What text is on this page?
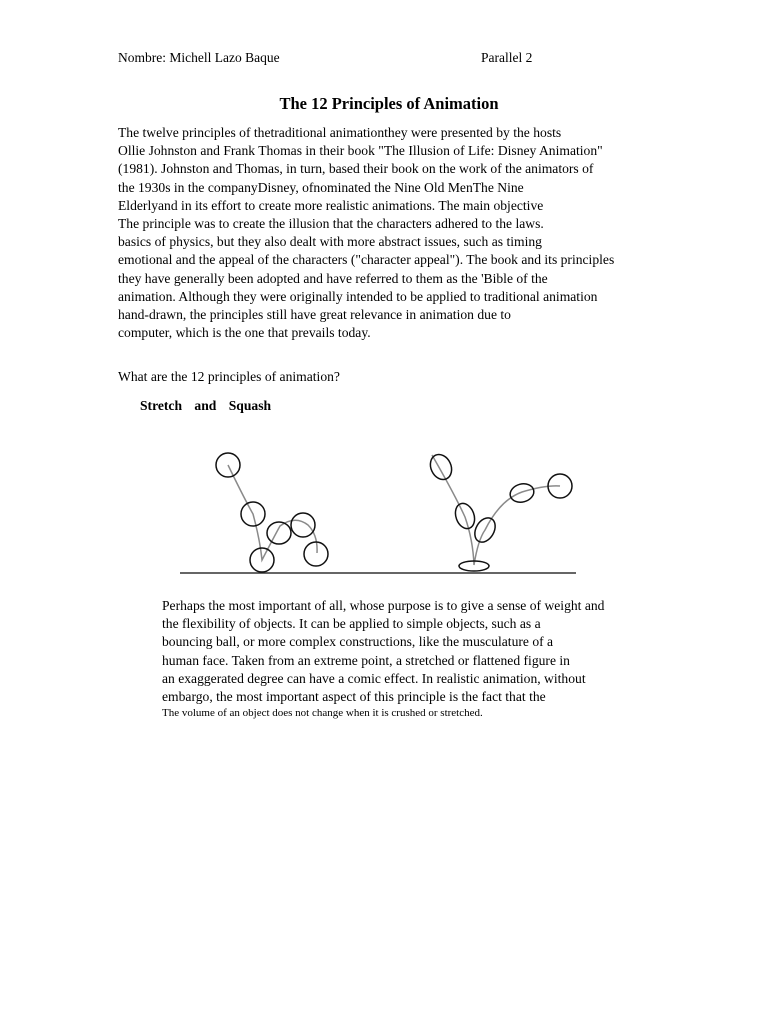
Nombre: Michell Lazo Baque	Parallel 2
The 12 Principles of Animation
The twelve principles of thetraditional animationthey were presented by the hosts
Ollie Johnston and Frank Thomas in their book "The Illusion of Life: Disney Animation"
(1981). Johnston and Thomas, in turn, based their book on the work of the animators of
the 1930s in the companyDisney, ofnominated the Nine Old MenThe Nine
Elderlyand in its effort to create more realistic animations. The main objective
The principle was to create the illusion that the characters adhered to the laws.
basics of physics, but they also dealt with more abstract issues, such as timing
emotional and the appeal of the characters ("character appeal"). The book and its principles
they have generally been adopted and have referred to them as the 'Bible of the
animation. Although they were originally intended to be applied to traditional animation
hand-drawn, the principles still have great relevance in animation due to
computer, which is the one that prevails today.
What are the 12 principles of animation?
Stretch and Squash
Perhaps the most important of all, whose purpose is to give a sense of weight and
the flexibility of objects. It can be applied to simple objects, such as a
bouncing ball, or more complex constructions, like the musculature of a
human face. Taken from an extreme point, a stretched or flattened figure in
an exaggerated degree can have a comic effect. In realistic animation, without
embargo, the most important aspect of this principle is the fact that the
The volume of an object does not change when it is crushed or stretched.
